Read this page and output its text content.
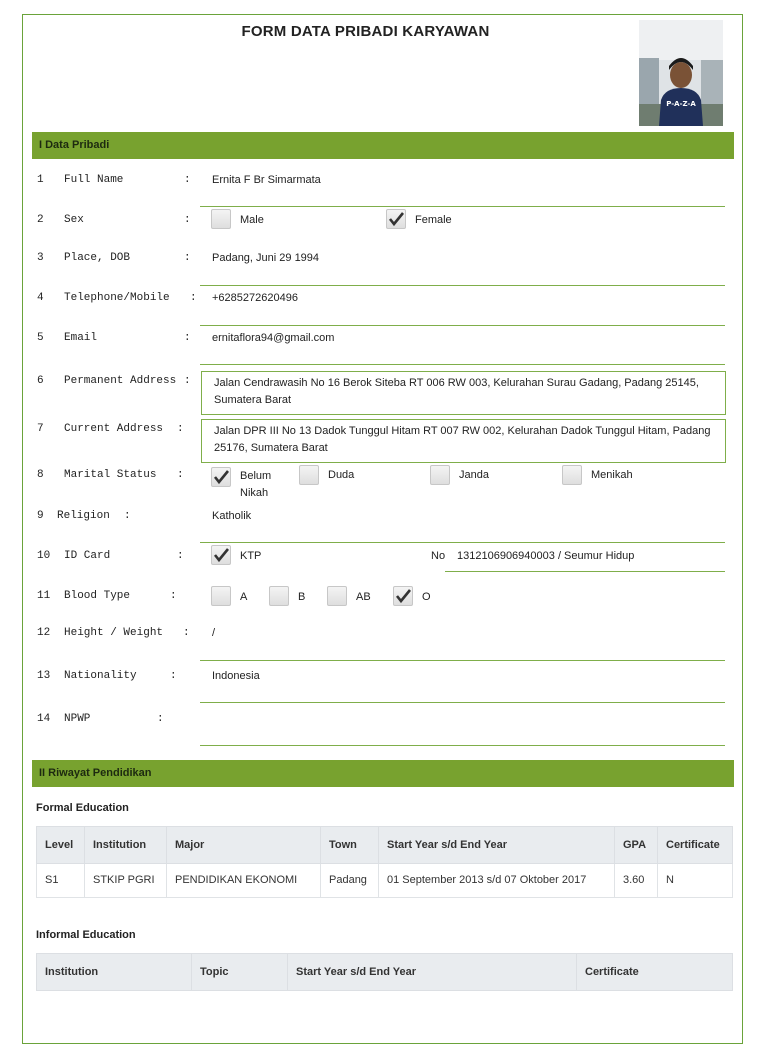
FORM DATA PRIBADI KARYAWAN
P-A-Z-A
I Data Pribadi
1 Full Name	: Ernita F Br Simarmata
2 Sex	:	Male	Female
3 Place, DOB	: Padang, Juni 29 1994
4 Telephone/Mobile : +6285272620496
5 Email	: ernitaflora94@gmail.com
6 Permanent Address :	Jalan Cendrawasih No 16 Berok Siteba RT 006 RW 003, Kelurahan Surau Gadang, Padang 25145, Sumatera Barat
7 Current Address :	Jalan DPR III No 13 Dadok Tunggul Hitam RT 007 RW 002, Kelurahan Dadok Tunggul Hitam, Padang 25176, Sumatera Barat
8 Marital Status :	Belum Nikah
Duda	Janda	Menikah
9 Religion :	Katholik
10 ID Card	:	KTP	No 1312106906940003 / Seumur Hidup
11 Blood Type	:	A	B	AB	O
12 Height / Weight : /
13 Nationality	:	Indonesia
14 NPWP	:
II Riwayat Pendidikan
Formal Education
Level	Institution	Major	Town	Start Year s/d End Year	GPA	Certificate
S1	STKIP PGRI	PENDIDIKAN EKONOMI	Padang	01 September 2013 s/d 07 Oktober 2017	3.60	N
Informal Education
Institution	Topic	Start Year s/d End Year	Certificate
